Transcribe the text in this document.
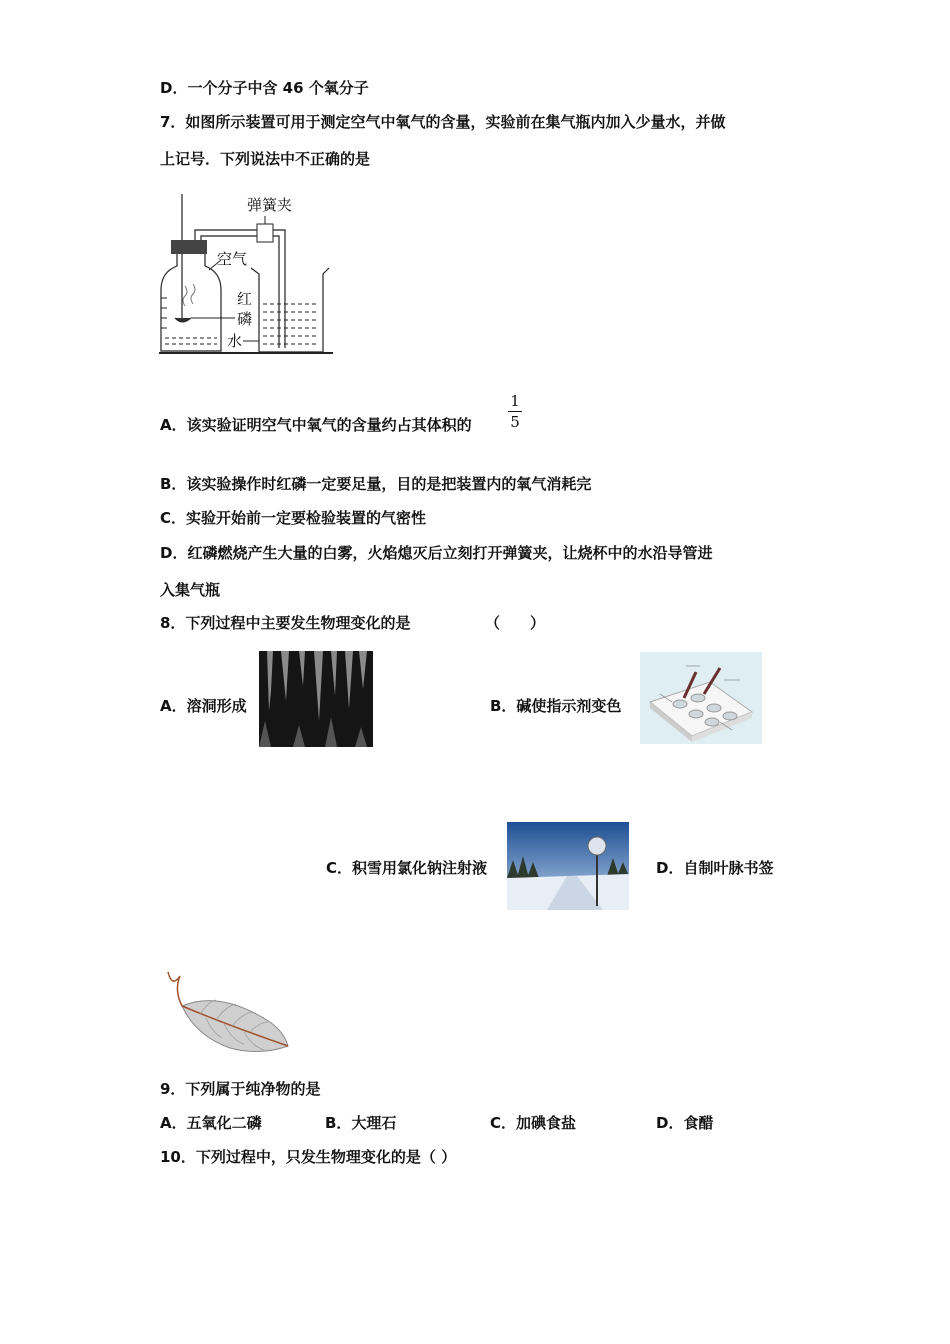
D．一个分子中含 46 个氧分子
7．如图所示装置可用于测定空气中氧气的含量，实验前在集气瓶内加入少量水，并做
上记号．下列说法中不正确的是
弹簧夹
空气
红
磷
水
A．该实验证明空气中氧气的含量约占其体积的
1
5
B．该实验操作时红磷一定要足量，目的是把装置内的氧气消耗完
C．实验开始前一定要检验装置的气密性
D．红磷燃烧产生大量的白雾，火焰熄灭后立刻打开弹簧夹，让烧杯中的水沿导管进
入集气瓶
8．下列过程中主要发生物理变化的是	（　　）
A．溶洞形成	B．碱使指示剂变色
C．积雪用氯化钠注射液	D．自制叶脉书签
9．下列属于纯净物的是
A．五氧化二磷	B．大理石	C．加碘食盐	D．食醋
10．下列过程中，只发生物理变化的是（ ）
